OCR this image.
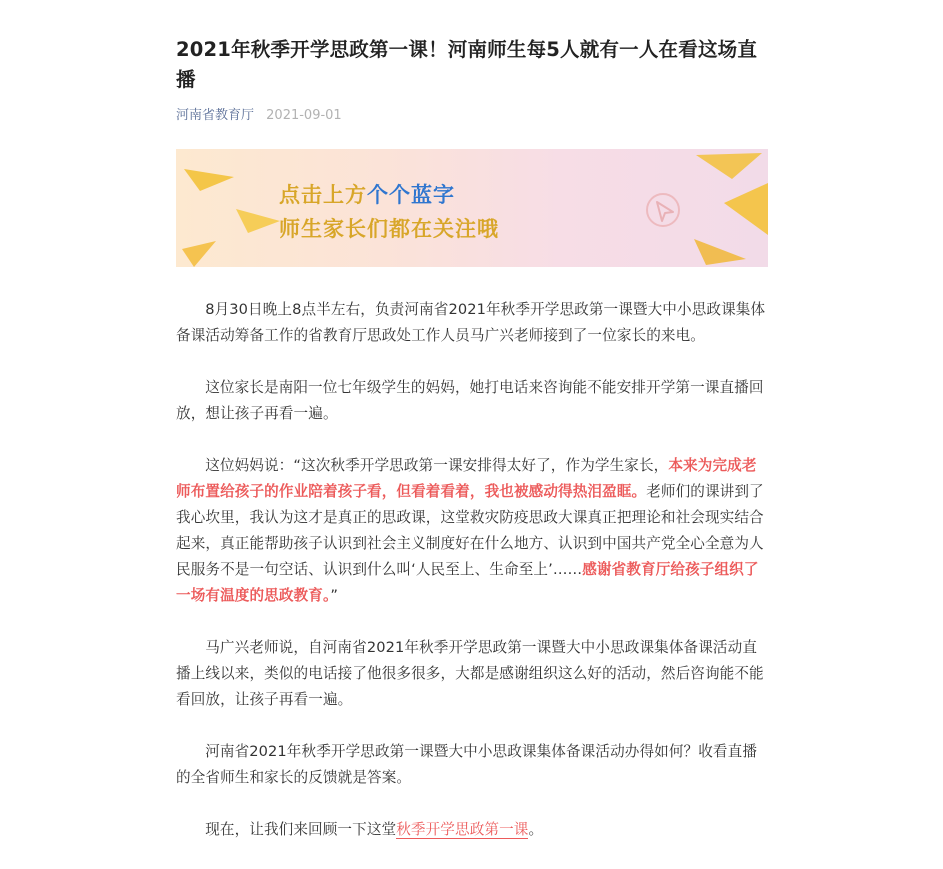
2021年秋季开学思政第一课！河南师生每5人就有一人在看这场直播
河南省教育厅 2021-09-01
点击上方个个蓝字
师生家长们都在关注哦

8月30日晚上8点半左右，负责河南省2021年秋季开学思政第一课暨大中小思政课集体备课活动筹备工作的省教育厅思政处工作人员马广兴老师接到了一位家长的来电。

这位家长是南阳一位七年级学生的妈妈，她打电话来咨询能不能安排开学第一课直播回放，想让孩子再看一遍。

这位妈妈说：“这次秋季开学思政第一课安排得太好了，作为学生家长，本来为完成老师布置给孩子的作业陪着孩子看，但看着看着，我也被感动得热泪盈眶。老师们的课讲到了我心坎里，我认为这才是真正的思政课，这堂救灾防疫思政大课真正把理论和社会现实结合起来，真正能帮助孩子认识到社会主义制度好在什么地方、认识到中国共产党全心全意为人民服务不是一句空话、认识到什么叫‘人民至上、生命至上’……感谢省教育厅给孩子组织了一场有温度的思政教育。”

马广兴老师说，自河南省2021年秋季开学思政第一课暨大中小思政课集体备课活动直播上线以来，类似的电话接了他很多很多，大都是感谢组织这么好的活动，然后咨询能不能看回放，让孩子再看一遍。

河南省2021年秋季开学思政第一课暨大中小思政课集体备课活动办得如何？收看直播的全省师生和家长的反馈就是答案。

现在，让我们来回顾一下这堂秋季开学思政第一课。
